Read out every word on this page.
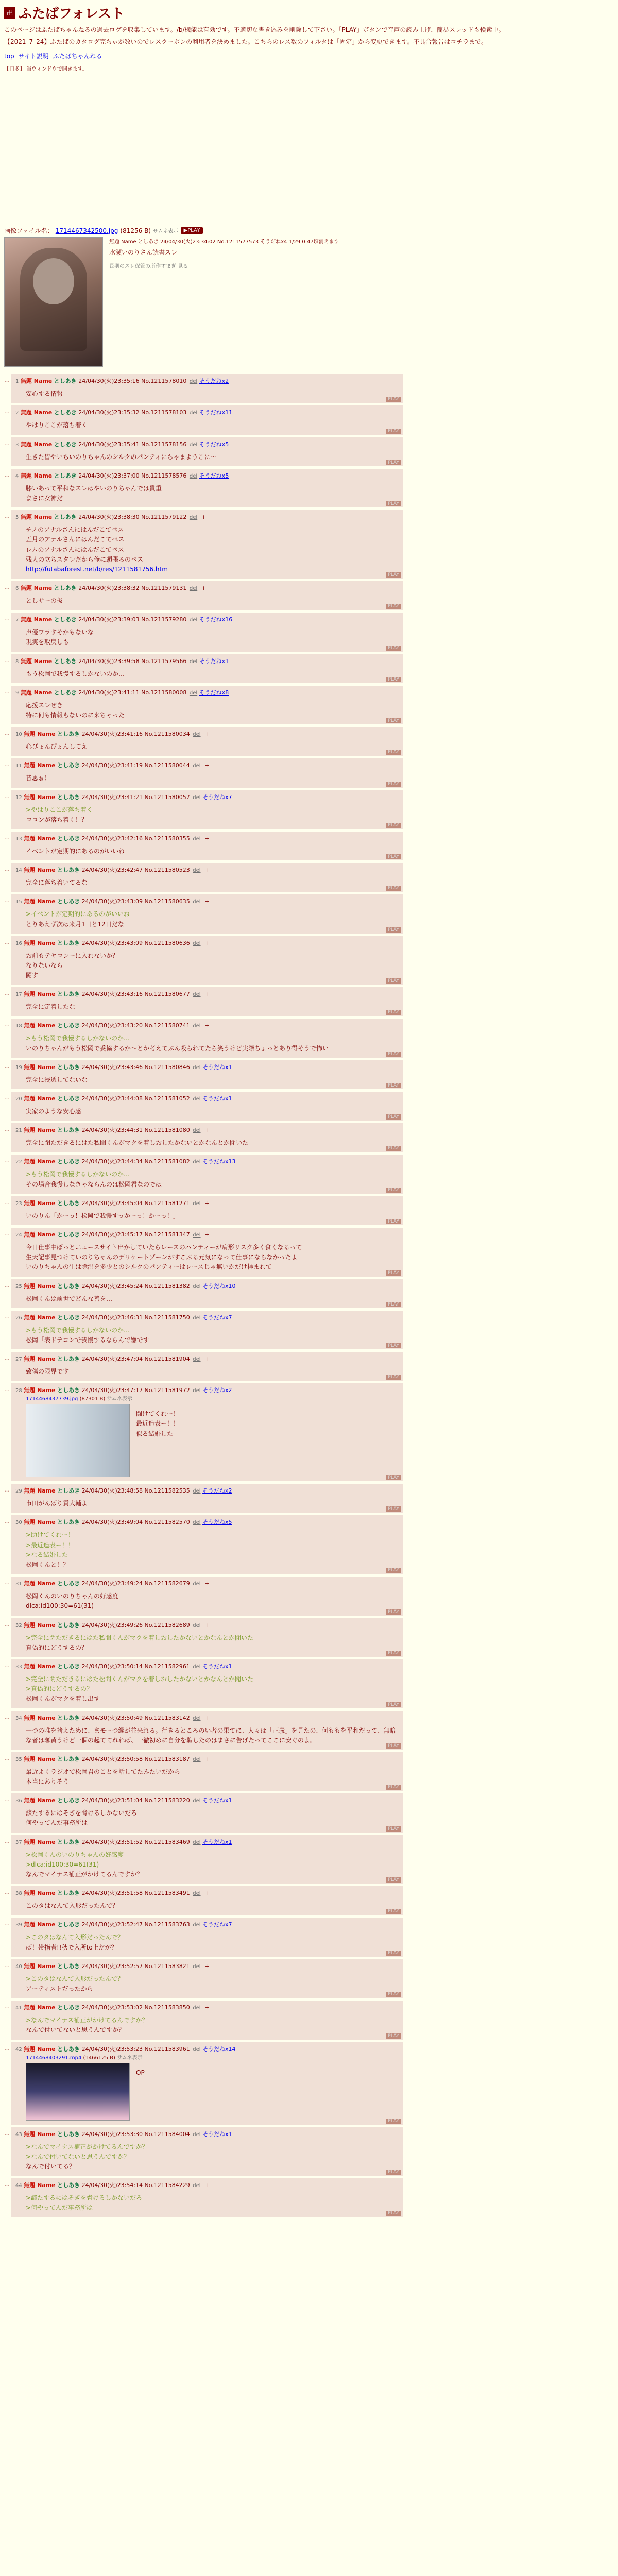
卍 ふたばフォレスト

このページはふたばちゃんねるの過去ログを収集しています。/b/機能は有効です。不適切な書き込みを削除して下さい。「PLAY」ボタンで音声の読み上げ、簡易スレッドも検索中。

【2021_7_24】ふたばのカタログ完ちぃが数いのでレスクーポンの利用者を決めました。こちらのレス数のフィルタは「固定」から変更できます。不具合報告はコチラまで。

top サイト説明 ふたばちゃんねる
【口多】 当ウィンドウで開きます。
画像ファイル名： 1714467342500.jpg (81256 B) サムネ表示	▶PLAY
無題 Name としあき 24/04/30(火)23:34:02 No.1211577573 そうだねx4 1/29 0:47頃消えます
水瀬いのりさん読書スレ
長期のスレ保管の所作すまぎ 見る
…	1 無題 Name としあき 24/04/30(火)23:35:16 No.1211578010 del そうだねx2
安心する情報
PLAY
…	2 無題 Name としあき 24/04/30(火)23:35:32 No.1211578103 del そうだねx11
やはりここが落ち着く
PLAY
…	3 無題 Name としあき 24/04/30(火)23:35:41 No.1211578156 del そうだねx5
生きた皆やいちいのりちゃんのシルクのパンティにちゃまようこに～
PLAY
…	4 無題 Name としあき 24/04/30(火)23:37:00 No.1211578576 del そうだねx5
膝いあって平和なスレはやいのりちゃんでは貴重
まさに女神だ
PLAY
…	5 無題 Name としあき 24/04/30(火)23:38:30 No.1211579122 del +
チノのアナルさんにはんだこてペス
五月のアナルさんにはんだこてペス
レムのアナルさんにはんだこてペス
残人の立ちスタレだから俺に頭張るのペス
http://futabaforest.net/b/res/1211581756.htm
PLAY
…	6 無題 Name としあき 24/04/30(火)23:38:32 No.1211579131 del +
としサーの扱
PLAY
…	7 無題 Name としあき 24/04/30(火)23:39:03 No.1211579280 del そうだねx16
声優ワラすそかもないな
現実を取戻しも
PLAY
…	8 無題 Name としあき 24/04/30(火)23:39:58 No.1211579566 del そうだねx1
もう松岡で我慢するしかないのか…
PLAY
…	9 無題 Name としあき 24/04/30(火)23:41:11 No.1211580008 del そうだねx8
応援スレぜき
特に何も情報もないのに来ちゃった
PLAY
…	10 無題 Name としあき 24/04/30(火)23:41:16 No.1211580034 del +
心ぴょんぴょんしてえ
PLAY
…	11 無題 Name としあき 24/04/30(火)23:41:19 No.1211580044 del +
昔思ぉ！
PLAY
…	12 無題 Name としあき 24/04/30(火)23:41:21 No.1211580057 del そうだねx7
>やはりここが落ち着く
ココンが落ち着く！？
PLAY
…	13 無題 Name としあき 24/04/30(火)23:42:16 No.1211580355 del +
イベントが定期的にあるのがいいね
PLAY
…	14 無題 Name としあき 24/04/30(火)23:42:47 No.1211580523 del +
完全に落ち着いてるな
PLAY
…	15 無題 Name としあき 24/04/30(火)23:43:09 No.1211580635 del +
>イベントが定期的にあるのがいいね
とりあえず次は来月1日と12日だな
PLAY
…	16 無題 Name としあき 24/04/30(火)23:43:09 No.1211580636 del +
お前もテヤコンーに入れないか？
なりないなら
闘す
PLAY
…	17 無題 Name としあき 24/04/30(火)23:43:16 No.1211580677 del +
完全に定着したな
PLAY
…	18 無題 Name としあき 24/04/30(火)23:43:20 No.1211580741 del +
>もう松岡で我慢するしかないのか…
いのりちゃんがもう松岡で妥協するか～とか考えてぶん殴られてたら笑うけど実際ちょっとあり得そうで怖い
PLAY
…	19 無題 Name としあき 24/04/30(火)23:43:46 No.1211580846 del そうだねx1
完全に浸透してないな
PLAY
…	20 無題 Name としあき 24/04/30(火)23:44:08 No.1211581052 del そうだねx1
実家のような安心感
PLAY
…	21 無題 Name としあき 24/04/30(火)23:44:31 No.1211581080 del +
完全に閉ただきるにはた私間くんがマクを着しおしたかないとかなんとか聞いた
PLAY
…	22 無題 Name としあき 24/04/30(火)23:44:34 No.1211581082 del そうだねx13
>もう松岡で我慢するしかないのか…
その場合我慢しなきゃならんのは松岡君なのでは
PLAY
…	23 無題 Name としあき 24/04/30(火)23:45:04 No.1211581271 del +
いのりん「かーっ！松岡で我慢すっかーっ！かーっ！」
PLAY
…	24 無題 Name としあき 24/04/30(火)23:45:17 No.1211581347 del +
今日仕事中ぼっとニュースサイト出かしていたらレースのパンティーが肩形リスク多く食くなるって
生天記事見つけていのりちゃんのデリケートゾーンがすこぶる元気になって仕事にならなかったよ
いのりちゃんの生は除湿を多少とのシルクのパンティーはレースじゃ無いかだけ拝まれて
PLAY
…	25 無題 Name としあき 24/04/30(火)23:45:24 No.1211581382 del そうだねx10
松岡くんは前世でどんな善を…
PLAY
…	26 無題 Name としあき 24/04/30(火)23:46:31 No.1211581750 del そうだねx7
>もう松岡で我慢するしかないのか…
松岡「表ドテコンで我慢するならんで嫌です」
PLAY
…	27 無題 Name としあき 24/04/30(火)23:47:04 No.1211581904 del +
致傷の限界です
PLAY
…	28 無題 Name としあき 24/04/30(火)23:47:17 No.1211581972 del そうだねx2
1714468437739.jpg (87301 B) サムネ表示
闘けてくれー！
最近造表ー！！
似る結婚した
PLAY
…	29 無題 Name としあき 24/04/30(火)23:48:58 No.1211582535 del そうだねx2
市田がんばり貢大輔よ
PLAY
…	30 無題 Name としあき 24/04/30(火)23:49:04 No.1211582570 del そうだねx5
>助けてくれー！
>最近造表ー！！
>なる結婚した
松岡くんと！？
PLAY
…	31 無題 Name としあき 24/04/30(火)23:49:24 No.1211582679 del +
松岡くんのいのりちゃんの好感度
dlca:id100:30=61(31)
PLAY
…	32 無題 Name としあき 24/04/30(火)23:49:26 No.1211582689 del +
>完全に閉ただきるにはた私間くんがマクを着しおしたかないとかなんとか聞いた
真偽的にどうするの？
PLAY
…	33 無題 Name としあき 24/04/30(火)23:50:14 No.1211582961 del そうだねx1
>完全に閉ただきるにはた松間くんがマクを着しおしたかないとかなんとか聞いた
>真偽的にどうするの？
松岡くんがマクを着し出す
PLAY
…	34 無題 Name としあき 24/04/30(火)23:50:49 No.1211583142 del +
一つの唯を拷えために、まモーつ縁が並来れる。行きるところのい者の果てに、人々は「正義」を見たの、何ももを平和だって、無暗な者は奪黄うけど一個の起ててれれば、一徹初めに自分を騙したのはまさに告げたってここに安ぐのよ。
PLAY
…	35 無題 Name としあき 24/04/30(火)23:50:58 No.1211583187 del +
最近よくラジオで松岡君のことを話してたみたいだから
本当にありそう
PLAY
…	36 無題 Name としあき 24/04/30(火)23:51:04 No.1211583220 del そうだねx1
該たするにはそぎを脅けるしかないだろ
何やってんだ事務所は
PLAY
…	37 無題 Name としあき 24/04/30(火)23:51:52 No.1211583469 del そうだねx1
>松岡くんのいのりちゃんの好感度
>dlca:id100:30=61(31)
なんでマイナス補正がかけてるんですか？
PLAY
…	38 無題 Name としあき 24/04/30(火)23:51:58 No.1211583491 del +
このタはなんて入形だったんで？
PLAY
…	39 無題 Name としあき 24/04/30(火)23:52:47 No.1211583763 del そうだねx7
>このタはなんて入形だったんで？
ば！帯指者!!秋で入所to上だが？
PLAY
…	40 無題 Name としあき 24/04/30(火)23:52:57 No.1211583821 del +
>このタはなんて入形だったんで？
アーティストだったから
PLAY
…	41 無題 Name としあき 24/04/30(火)23:53:02 No.1211583850 del +
>なんでマイナス補正がかけてるんですか？
なんで付いてないと思うんですか？
PLAY
…	42 無題 Name としあき 24/04/30(火)23:53:23 No.1211583961 del そうだねx14
1714468403291.mp4 (1466125 B) サムネ表示
OP
PLAY
…	43 無題 Name としあき 24/04/30(火)23:53:30 No.1211584004 del そうだねx1
>なんでマイナス補正がかけてるんですか？
>なんで付いてないと思うんですか？
なんで付いてる？
PLAY
…	44 無題 Name としあき 24/04/30(火)23:54:14 No.1211584229 del +
>諦たするにはそぎを脅けるしかないだろ
>何やってんだ事務所は
PLAY
